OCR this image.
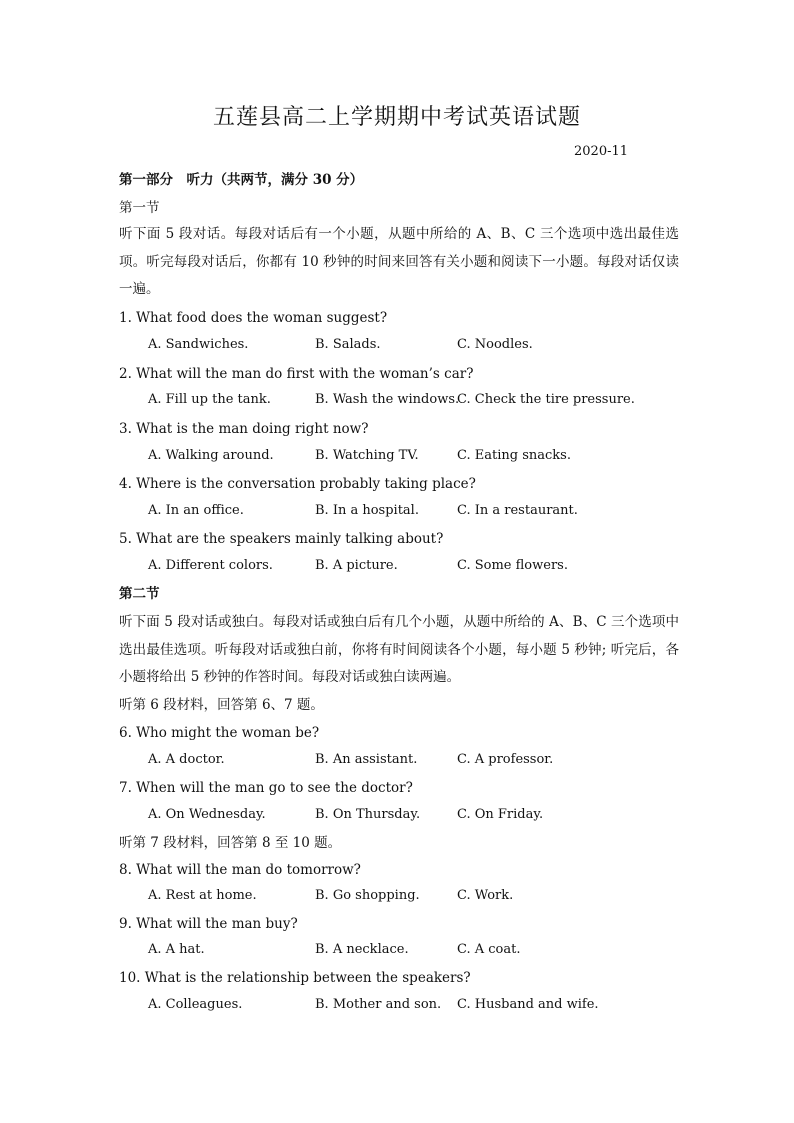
五莲县高二上学期期中考试英语试题
2020-11
第一部分　听力（共两节，满分 30 分）
第一节
听下面 5 段对话。每段对话后有一个小题，从题中所给的 A、B、C 三个选项中选出最佳选项。听完每段对话后，你都有 10 秒钟的时间来回答有关小题和阅读下一小题。每段对话仅读一遍。
1. What food does the woman suggest?
A. Sandwiches.	B. Salads.	C. Noodles.
2. What will the man do first with the woman’s car?
A. Fill up the tank.	B. Wash the windows.
C. Check the tire pressure.
3. What is the man doing right now?
A. Walking around.	B. Watching TV.	C. Eating snacks.
4. Where is the conversation probably taking place?
A. In an office.	B. In a hospital.	C. In a restaurant.
5. What are the speakers mainly talking about?
A. Different colors.	B. A picture.	C. Some flowers.
第二节
听下面 5 段对话或独白。每段对话或独白后有几个小题，从题中所给的 A、B、C 三个选项中选出最佳选项。听每段对话或独白前，你将有时间阅读各个小题，每小题 5 秒钟; 听完后，各小题将给出 5 秒钟的作答时间。每段对话或独白读两遍。
听第 6 段材料，回答第 6、7 题。
6. Who might the woman be?
A. A doctor.	B. An assistant.	C. A professor.
7. When will the man go to see the doctor?
A. On Wednesday.	B. On Thursday.	C. On Friday.
听第 7 段材料，回答第 8 至 10 题。
8. What will the man do tomorrow?
A. Rest at home.	B. Go shopping.	C. Work.
9. What will the man buy?
A. A hat.	B. A necklace.	C. A coat.
10. What is the relationship between the speakers?
A. Colleagues.	B. Mother and son. C. Husband and wife.
